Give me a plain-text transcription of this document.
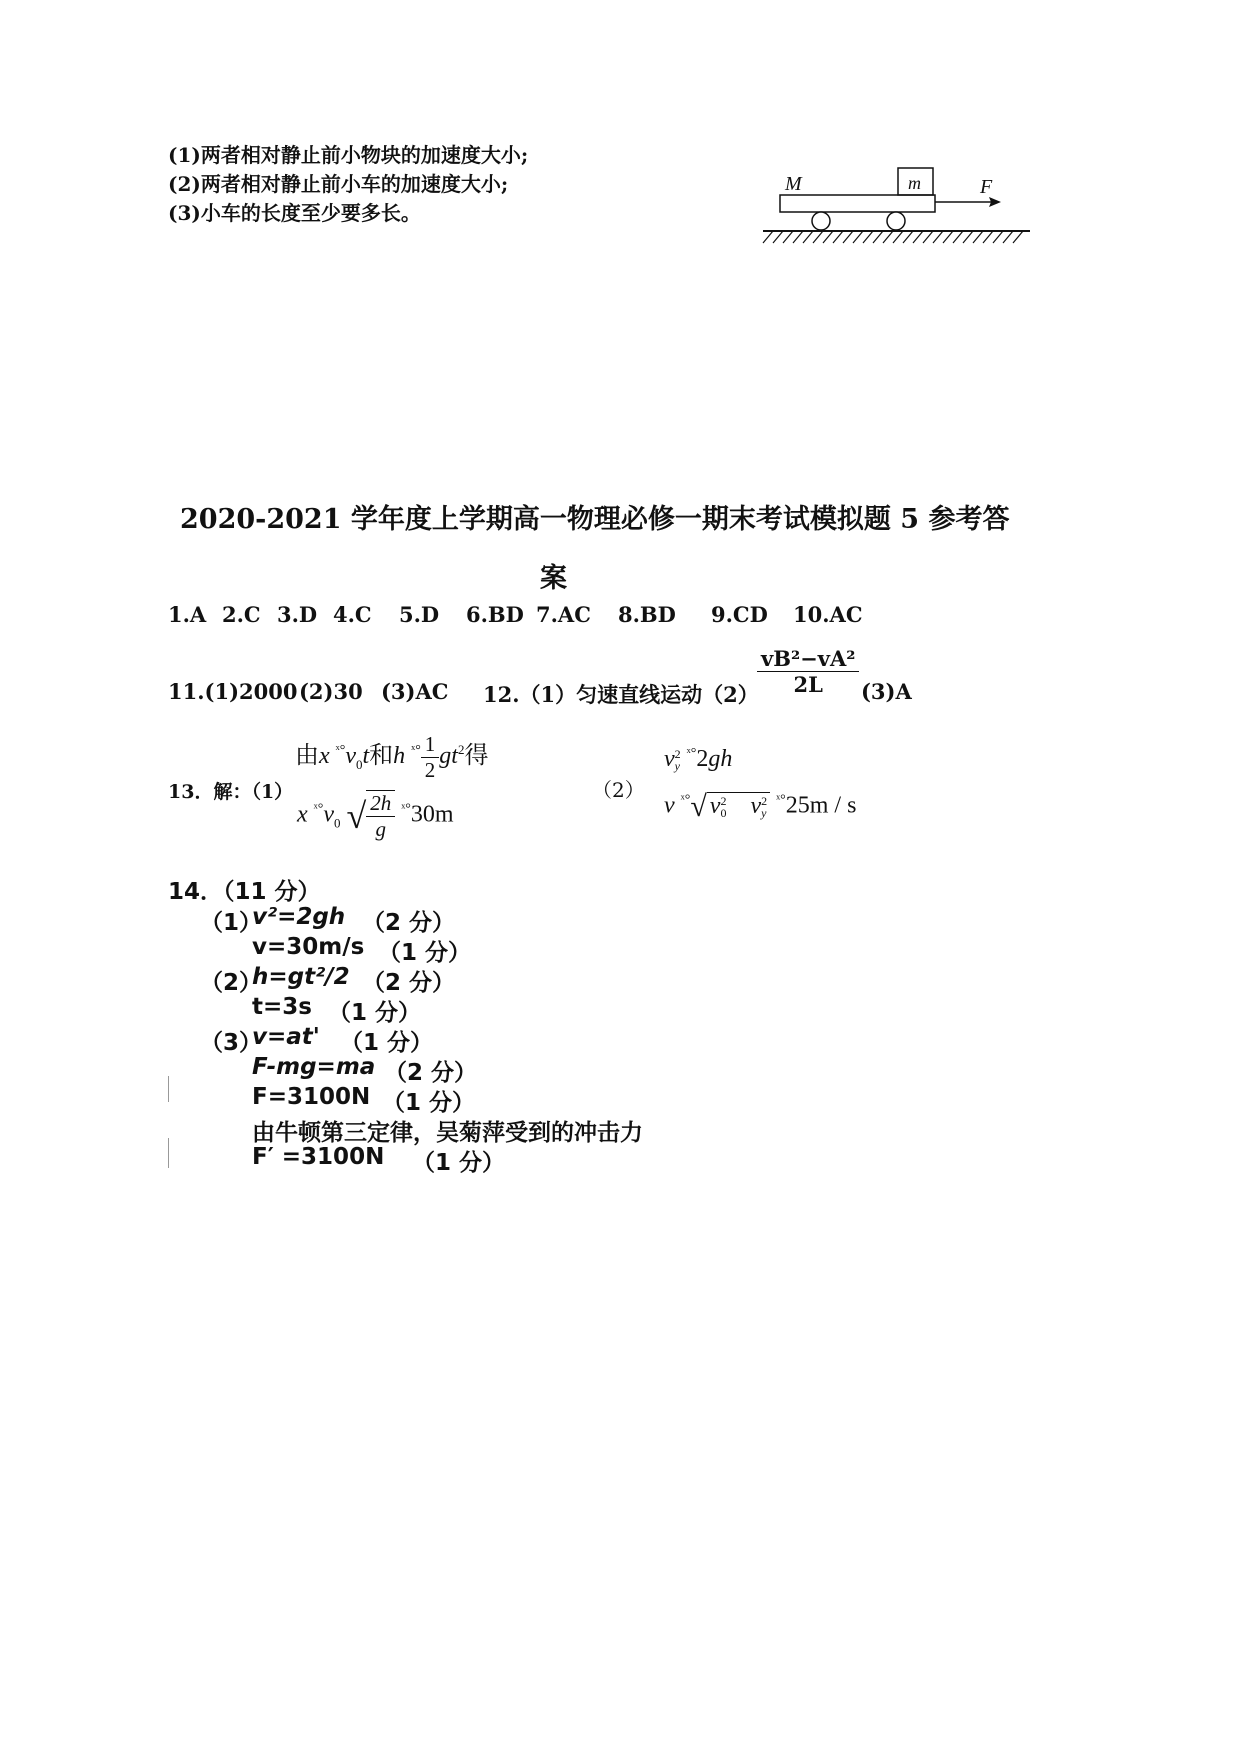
(1)两者相对静止前小物块的加速度大小;
(2)两者相对静止前小车的加速度大小;
(3)小车的长度至少要多长。
M	m	F
2020-2021 学年度上学期高一物理必修一期末考试模拟题 5 参考答
案
1.A 2.C 3.D 4.C 5.D 6.BD 7.AC 8.BD 9.CD 10.AC
11.(1)2000 (2)30 (3)AC 12.（1）匀速直线运动（2）
$\frac{\text{vB²−vA²}}{2L} (3)A$
13．解：（1）
由x $^{ˣ^\circ}v_0t$和h $^{ˣ^\circ} \frac{1}{2} gt^2$得
x $^{ˣ^\circ}v_0$ √ $\frac{2h}{g} ^{ˣ^\circ}30m$
（2）
v 2
y
$^{ˣ^\circ}$2gh
v $^{ˣ^\circ}$√ v 2
0 v 2
y
$^{ˣ^\circ}$25m / s
14．（11 分）
（1）
v²=2gh （2 分）
v=30m/s （1 分）
（2）
h=gt²/2 （2 分）
t=3s （1 分）
（3）
v=at' （1 分）
F-mg=ma （2 分）
F=3100N （1 分）
由牛顿第三定律，吴菊萍受到的冲击力
F′ =3100N （1 分）
